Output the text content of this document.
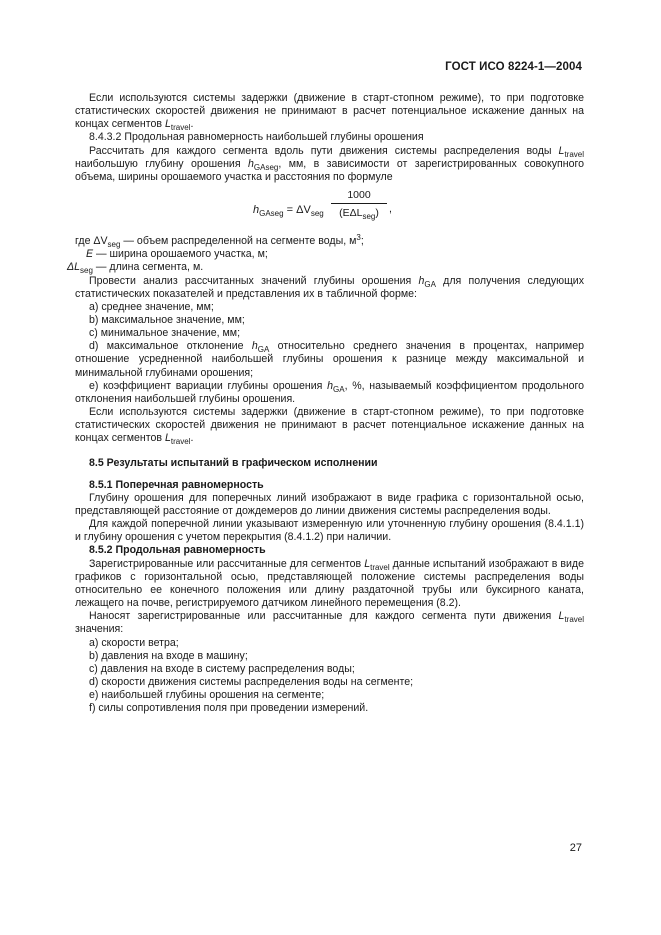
ГОСТ ИСО 8224-1—2004

Если используются системы задержки (движение в старт-стопном режиме), то при подготовке статистических скоростей движения не принимают в расчет потенциальное искажение данных на концах сегментов $L_{travel}$.

8.4.3.2 Продольная равномерность наибольшей глубины орошения

Рассчитать для каждого сегмента вдоль пути движения системы распределения воды $L_{travel}$ наибольшую глубину орошения $h_{GAseg}$, мм, в зависимости от зарегистрированных совокупного объема, ширины орошаемого участка и расстояния по формуле

$h_{GAseg} = \Delta V_{seg}$
1000
$(E\Delta L_{seg})$ ,
где $\Delta V_{seg}$ — объем распределенной на сегменте воды, $м^3$;
E — ширина орошаемого участка, м;
$\Delta L_{seg}$ — длина сегмента, м.

Провести анализ рассчитанных значений глубины орошения $h_{GA}$ для получения следующих статистических показателей и представления их в табличной форме:

а) среднее значение, мм;

b) максимальное значение, мм;

c) минимальное значение, мм;

d) максимальное отклонение $h_{GA}$ относительно среднего значения в процентах, например отношение усредненной наибольшей глубины орошения к разнице между максимальной и минимальной глубинами орошения;

e) коэффициент вариации глубины орошения $h_{GA}$, %, называемый коэффициентом продольного отклонения наибольшей глубины орошения.

Если используются системы задержки (движение в старт-стопном режиме), то при подготовке статистических скоростей движения не принимают в расчет потенциальное искажение данных на концах сегментов $L_{travel}$.

8.5 Результаты испытаний в графическом исполнении

8.5.1 Поперечная равномерность

Глубину орошения для поперечных линий изображают в виде графика с горизонтальной осью, представляющей расстояние от дождемеров до линии движения системы распределения воды.

Для каждой поперечной линии указывают измеренную или уточненную глубину орошения (8.4.1.1) и глубину орошения с учетом перекрытия (8.4.1.2) при наличии.

8.5.2 Продольная равномерность

Зарегистрированные или рассчитанные для сегментов $L_{travel}$ данные испытаний изображают в виде графиков с горизонтальной осью, представляющей положение системы распределения воды относительно ее конечного положения или длину раздаточной трубы или буксирного каната, лежащего на почве, регистрируемого датчиком линейного перемещения (8.2).

Наносят зарегистрированные или рассчитанные для каждого сегмента пути движения $L_{travel}$ значения:

а) скорости ветра;

b) давления на входе в машину;

c) давления на входе в систему распределения воды;

d) скорости движения системы распределения воды на сегменте;

e) наибольшей глубины орошения на сегменте;

f) силы сопротивления поля при проведении измерений.

27
